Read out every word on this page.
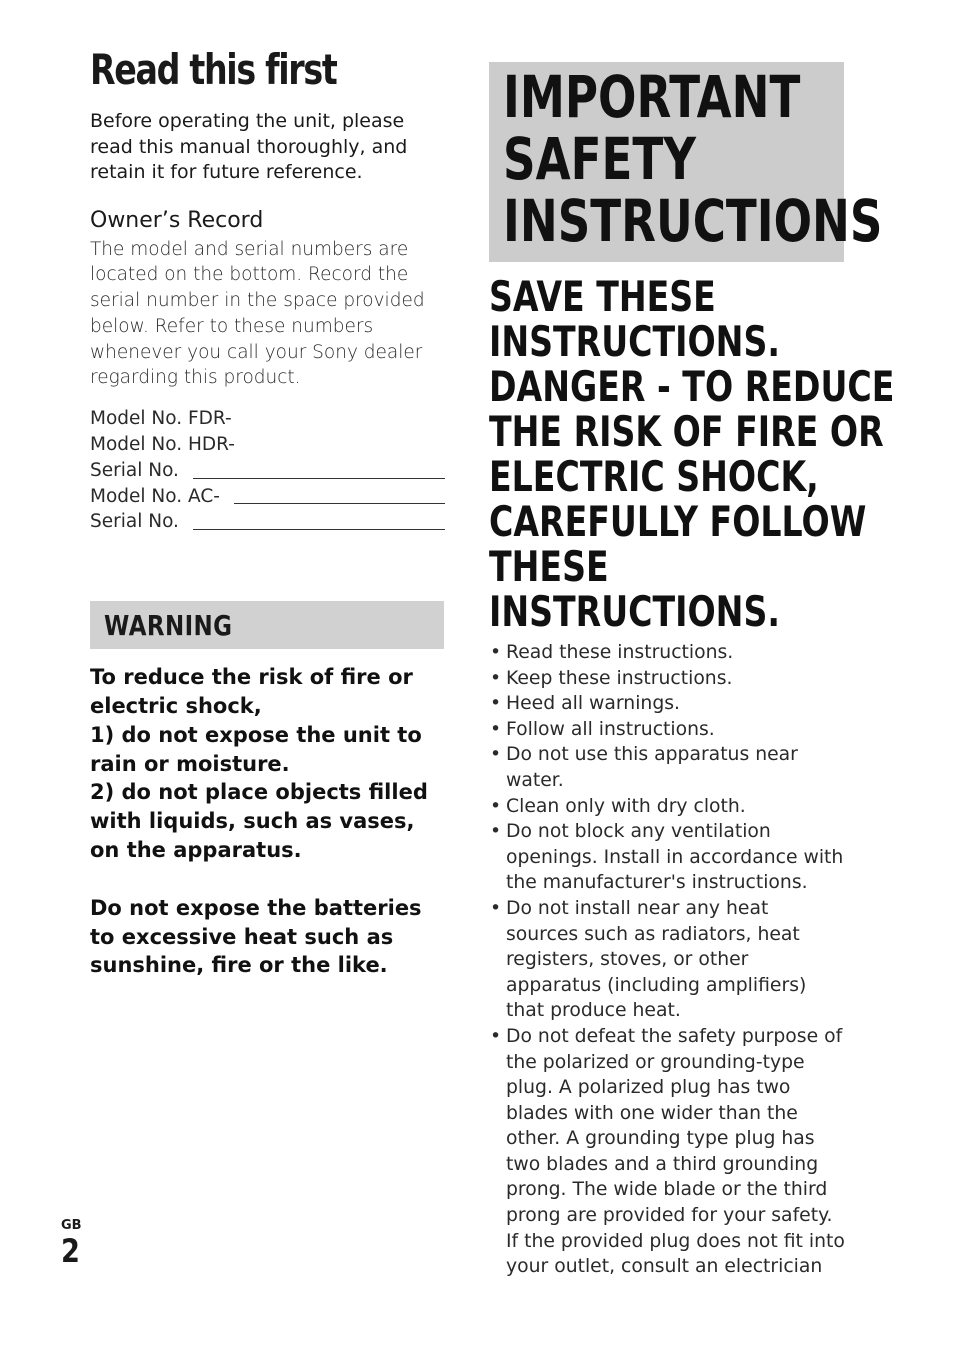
Read this first

Before operating the unit, please read this manual thoroughly, and retain it for future reference.

Owner’s Record

The model and serial numbers are located on the bottom. Record the serial number in the space provided below. Refer to these numbers whenever you call your Sony dealer regarding this product.

Model No. FDR-
Model No. HDR-
Serial No.
Model No. AC-
Serial No.
WARNING

To reduce the risk of fire or electric shock,
1) do not expose the unit to rain or moisture.
2) do not place objects filled with liquids, such as vases, on the apparatus.

Do not expose the batteries to excessive heat such as sunshine, fire or the like.

IMPORTANT
SAFETY
INSTRUCTIONS
SAVE THESE
INSTRUCTIONS.
DANGER - TO REDUCE
THE RISK OF FIRE OR
ELECTRIC SHOCK,
CAREFULLY FOLLOW
THESE
INSTRUCTIONS.
• Read these instructions.
• Keep these instructions.
• Heed all warnings.
• Follow all instructions.
• Do not use this apparatus near water.
• Clean only with dry cloth.
• Do not block any ventilation openings. Install in accordance with the manufacturer's instructions.
• Do not install near any heat sources such as radiators, heat registers, stoves, or other apparatus (including amplifiers) that produce heat.
• Do not defeat the safety purpose of the polarized or grounding-type plug. A polarized plug has two blades with one wider than the other. A grounding type plug has two blades and a third grounding prong. The wide blade or the third prong are provided for your safety. If the provided plug does not fit into your outlet, consult an electrician
GB
2
